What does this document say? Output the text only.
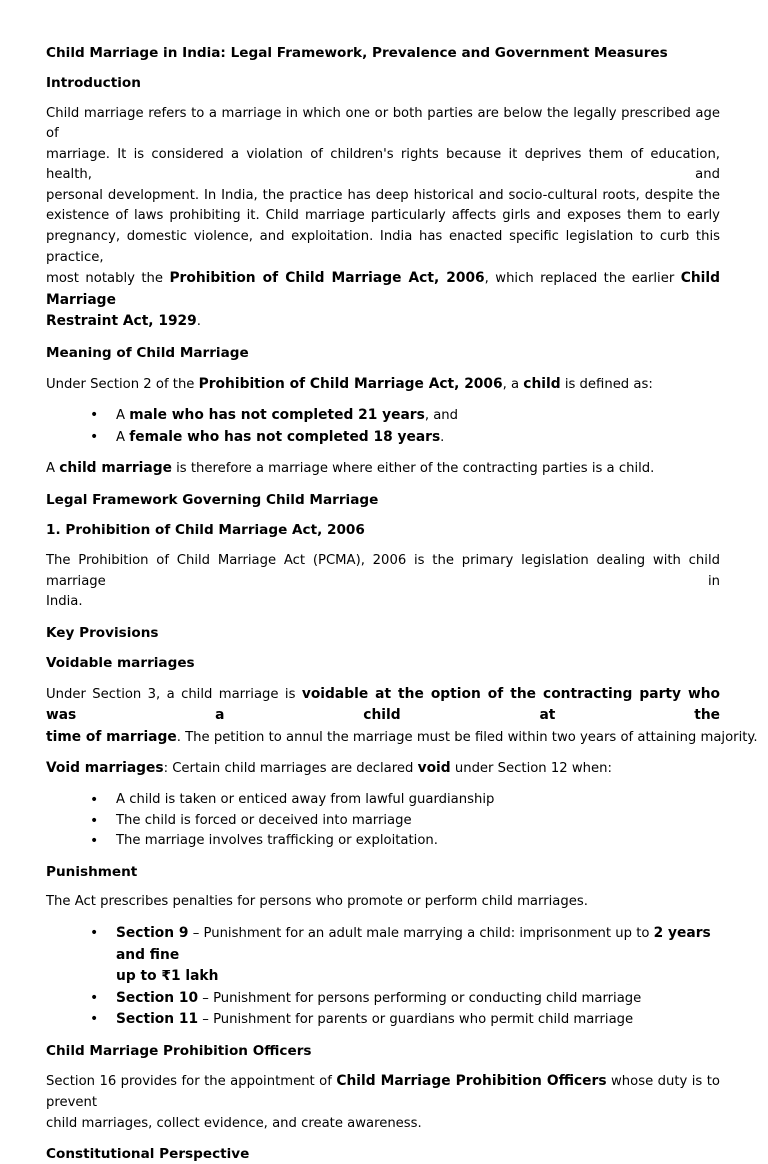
Child Marriage in India: Legal Framework, Prevalence and Government Measures

Introduction

Child marriage refers to a marriage in which one or both parties are below the legally prescribed age of

marriage. It is considered a violation of children's rights because it deprives them of education, health, and

personal development. In India, the practice has deep historical and socio-cultural roots, despite the

existence of laws prohibiting it. Child marriage particularly affects girls and exposes them to early

pregnancy, domestic violence, and exploitation. India has enacted specific legislation to curb this practice,

most notably the Prohibition of Child Marriage Act, 2006, which replaced the earlier Child Marriage

Restraint Act, 1929.

Meaning of Child Marriage

Under Section 2 of the Prohibition of Child Marriage Act, 2006, a child is defined as:

• A male who has not completed 21 years, and
• A female who has not completed 18 years.

A child marriage is therefore a marriage where either of the contracting parties is a child.

Legal Framework Governing Child Marriage

1. Prohibition of Child Marriage Act, 2006

The Prohibition of Child Marriage Act (PCMA), 2006 is the primary legislation dealing with child marriage in

India.

Key Provisions

Voidable marriages

Under Section 3, a child marriage is voidable at the option of the contracting party who was a child at the

time of marriage. The petition to annul the marriage must be filed within two years of attaining majority.

Void marriages: Certain child marriages are declared void under Section 12 when:

• A child is taken or enticed away from lawful guardianship
• The child is forced or deceived into marriage
• The marriage involves trafficking or exploitation.

Punishment

The Act prescribes penalties for persons who promote or perform child marriages.

• Section 9 – Punishment for an adult male marrying a child: imprisonment up to 2 years and fine
up to ₹1 lakh
• Section 10 – Punishment for persons performing or conducting child marriage
• Section 11 – Punishment for parents or guardians who permit child marriage

Child Marriage Prohibition Officers

Section 16 provides for the appointment of Child Marriage Prohibition Officers whose duty is to prevent

child marriages, collect evidence, and create awareness.

Constitutional Perspective
